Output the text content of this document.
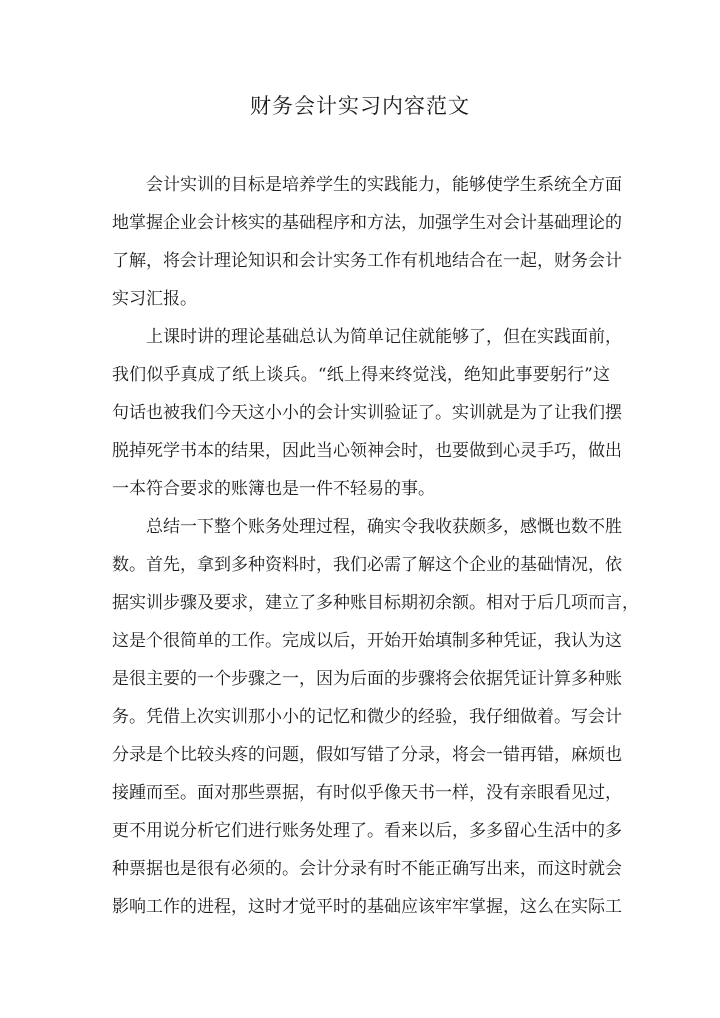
财务会计实习内容范文
会计实训的目标是培养学生的实践能力，能够使学生系统全方面
地掌握企业会计核实的基础程序和方法，加强学生对会计基础理论的
了解，将会计理论知识和会计实务工作有机地结合在一起，财务会计
实习汇报。
上课时讲的理论基础总认为简单记住就能够了，但在实践面前，
我们似乎真成了纸上谈兵。“纸上得来终觉浅，绝知此事要躬行”这
句话也被我们今天这小小的会计实训验证了。实训就是为了让我们摆
脱掉死学书本的结果，因此当心领神会时，也要做到心灵手巧，做出
一本符合要求的账簿也是一件不轻易的事。
总结一下整个账务处理过程，确实令我收获颇多，感慨也数不胜
数。首先，拿到多种资料时，我们必需了解这个企业的基础情况，依
据实训步骤及要求，建立了多种账目标期初余额。相对于后几项而言，
这是个很简单的工作。完成以后，开始开始填制多种凭证，我认为这
是很主要的一个步骤之一，因为后面的步骤将会依据凭证计算多种账
务。凭借上次实训那小小的记忆和微少的经验，我仔细做着。写会计
分录是个比较头疼的问题，假如写错了分录，将会一错再错，麻烦也
接踵而至。面对那些票据，有时似乎像天书一样，没有亲眼看见过，
更不用说分析它们进行账务处理了。看来以后，多多留心生活中的多
种票据也是很有必须的。会计分录有时不能正确写出来，而这时就会
影响工作的进程，这时才觉平时的基础应该牢牢掌握，这么在实际工
